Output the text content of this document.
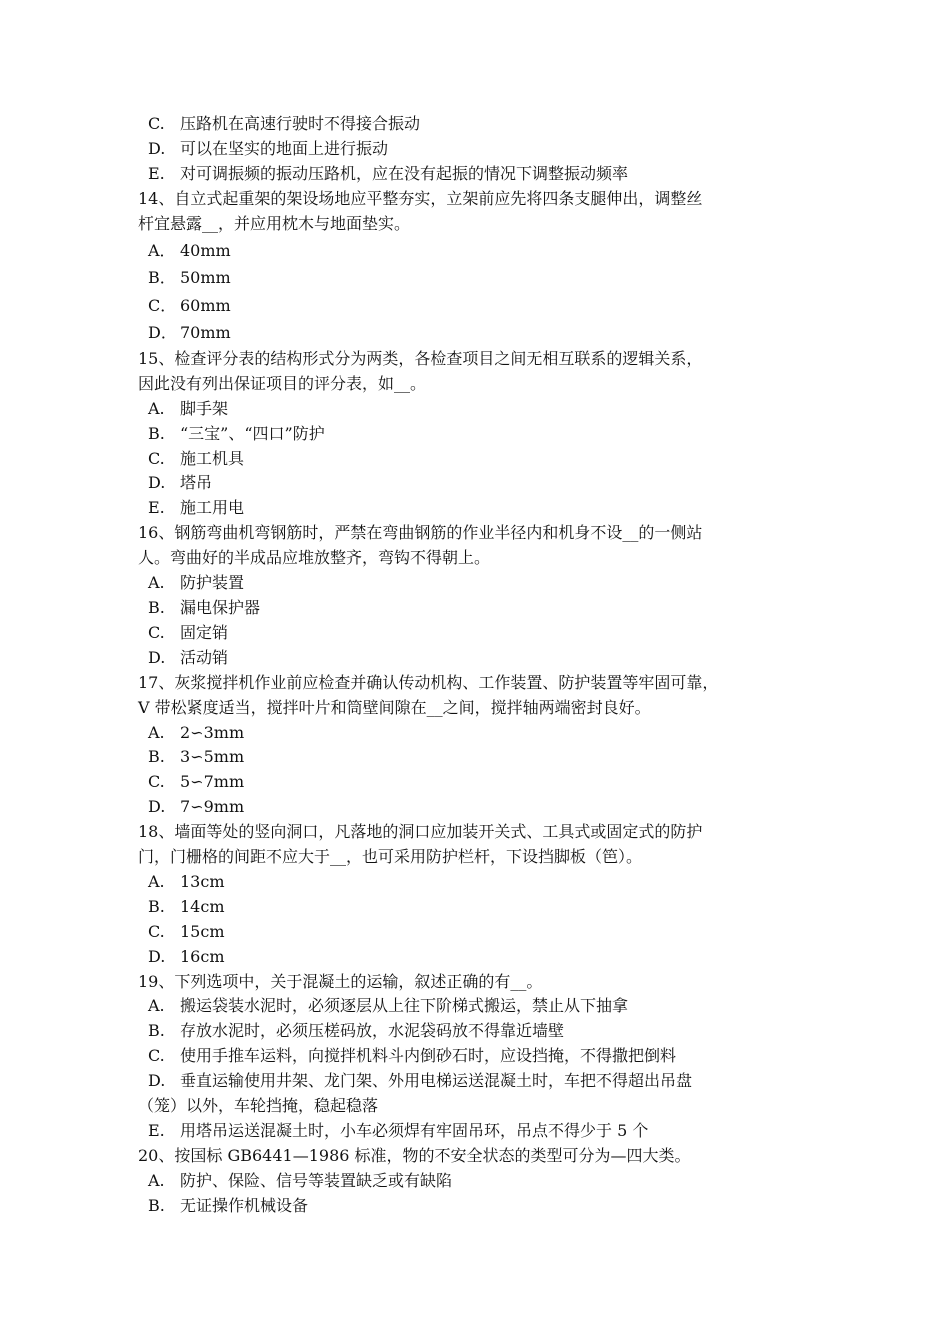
C. 压路机在高速行驶时不得接合振动
D. 可以在坚实的地面上进行振动
E. 对可调振频的振动压路机，应在没有起振的情况下调整振动频率
14、自立式起重架的架设场地应平整夯实，立架前应先将四条支腿伸出，调整丝
杆宜悬露__，并应用枕木与地面垫实。
A． 40mm
B． 50mm
C． 60mm
D． 70mm
15、检查评分表的结构形式分为两类，各检查项目之间无相互联系的逻辑关系，
因此没有列出保证项目的评分表，如__。
A. 脚手架
B. “三宝”、“四口”防护
C. 施工机具
D. 塔吊
E. 施工用电
16、钢筋弯曲机弯钢筋时，严禁在弯曲钢筋的作业半径内和机身不设__的一侧站
人。弯曲好的半成品应堆放整齐，弯钩不得朝上。
A. 防护装置
B. 漏电保护器
C. 固定销
D. 活动销
17、灰浆搅拌机作业前应检查并确认传动机构、工作装置、防护装置等牢固可靠，
V 带松紧度适当，搅拌叶片和筒壁间隙在__之间，搅拌轴两端密封良好。
A. 2∽3mm
B. 3∽5mm
C. 5∽7mm
D. 7∽9mm
18、墙面等处的竖向洞口，凡落地的洞口应加装开关式、工具式或固定式的防护
门，门栅格的间距不应大于__，也可采用防护栏杆，下设挡脚板（笆）。
A. 13cm
B. 14cm
C. 15cm
D. 16cm
19、下列选项中，关于混凝土的运输，叙述正确的有__。
A. 搬运袋装水泥时，必须逐层从上往下阶梯式搬运，禁止从下抽拿
B. 存放水泥时，必须压槎码放，水泥袋码放不得靠近墙壁
C. 使用手推车运料，向搅拌机料斗内倒砂石时，应设挡掩，不得撒把倒料
D. 垂直运输使用井架、龙门架、外用电梯运送混凝土时，车把不得超出吊盘
（笼）以外，车轮挡掩，稳起稳落
E. 用塔吊运送混凝土时，小车必须焊有牢固吊环，吊点不得少于 5 个
20、按国标 GB6441—1986 标准，物的不安全状态的类型可分为—四大类。
A. 防护、保险、信号等装置缺乏或有缺陷
B. 无证操作机械设备
